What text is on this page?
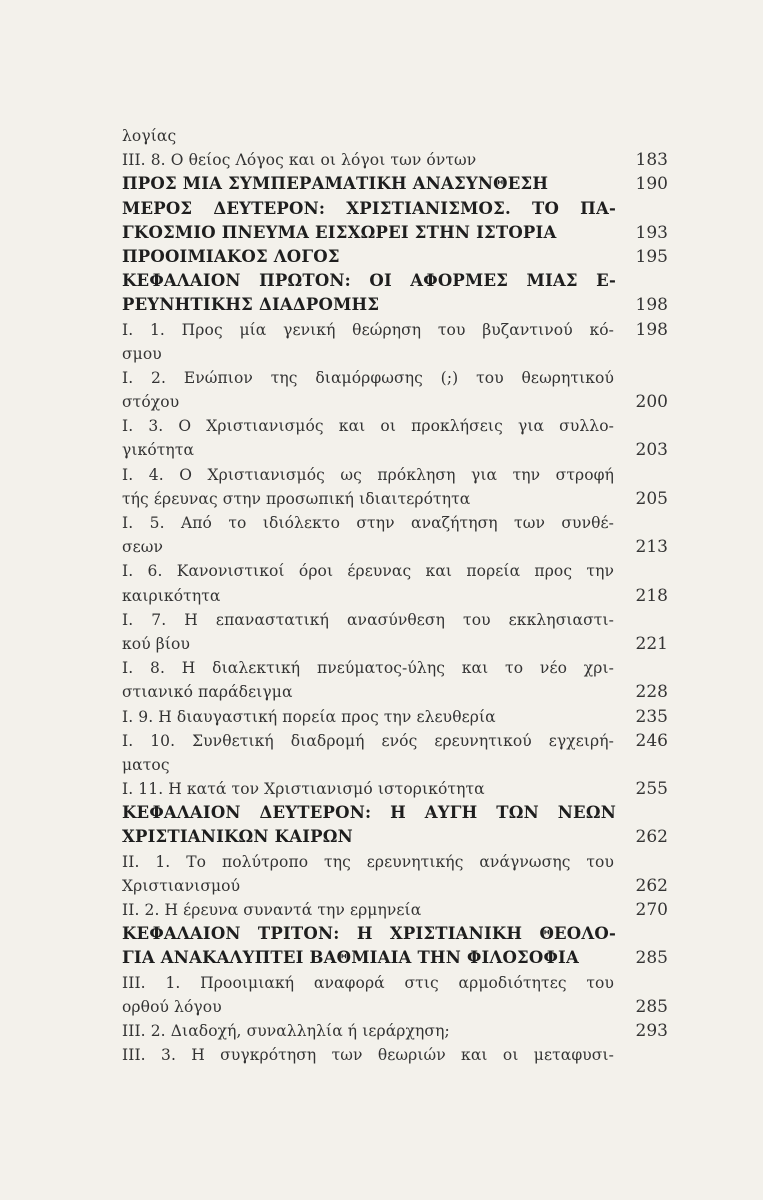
λογίας
ΙΙΙ. 8. Ο θείος Λόγος και οι λόγοι των όντων	183
ΠΡΟΣ ΜΙΑ ΣΥΜΠΕΡΑΜΑΤΙΚΗ ΑΝΑΣΥΝΘΕΣΗ	190
ΜΕΡΟΣ ΔΕΥΤΕΡΟΝ: ΧΡΙΣΤΙΑΝΙΣΜΟΣ. ΤΟ ΠΑ-
ΓΚΟΣΜΙΟ ΠΝΕΥΜΑ ΕΙΣΧΩΡΕΙ ΣΤΗΝ ΙΣΤΟΡΙΑ	193
ΠΡΟΟΙΜΙΑΚΟΣ ΛΟΓΟΣ	195
ΚΕΦΑΛΑΙΟΝ ΠΡΩΤΟΝ: ΟΙ ΑΦΟΡΜΕΣ ΜΙΑΣ Ε-
ΡΕΥΝΗΤΙΚΗΣ ΔΙΑΔΡΟΜΗΣ	198
Ι. 1. Προς μία γενική θεώρηση του βυζαντινού κό-	198
σμου
Ι. 2. Ενώπιον της διαμόρφωσης (;) του θεωρητικού
στόχου	200
Ι. 3. Ο Χριστιανισμός και οι προκλήσεις για συλλο-
γικότητα	203
Ι. 4. Ο Χριστιανισμός ως πρόκληση για την στροφή
τής έρευνας στην προσωπική ιδιαιτερότητα	205
Ι. 5. Από το ιδιόλεκτο στην αναζήτηση των συνθέ-
σεων	213
Ι. 6. Κανονιστικοί όροι έρευνας και πορεία προς την
καιρικότητα	218
Ι. 7. Η επαναστατική ανασύνθεση του εκκλησιαστι-
κού βίου	221
Ι. 8. Η διαλεκτική πνεύματος-ύλης και το νέο χρι-
στιανικό παράδειγμα	228
Ι. 9. Η διαυγαστική πορεία προς την ελευθερία	235
Ι. 10. Συνθετική διαδρομή ενός ερευνητικού εγχειρή-	246
ματος
Ι. 11. Η κατά τον Χριστιανισμό ιστορικότητα	255
ΚΕΦΑΛΑΙΟΝ ΔΕΥΤΕΡΟΝ: Η ΑΥΓΗ ΤΩΝ ΝΕΩΝ
ΧΡΙΣΤΙΑΝΙΚΩΝ ΚΑΙΡΩΝ	262
ΙΙ. 1. Το πολύτροπο της ερευνητικής ανάγνωσης του
Χριστιανισμού	262
ΙΙ. 2. Η έρευνα συναντά την ερμηνεία	270
ΚΕΦΑΛΑΙΟΝ ΤΡΙΤΟΝ: Η ΧΡΙΣΤΙΑΝΙΚΗ ΘΕΟΛΟ-
ΓΙΑ ΑΝΑΚΑΛΥΠΤΕΙ ΒΑΘΜΙΑΙΑ ΤΗΝ ΦΙΛΟΣΟΦΙΑ	285
ΙΙΙ. 1. Προοιμιακή αναφορά στις αρμοδιότητες του
ορθού λόγου	285
ΙΙΙ. 2. Διαδοχή, συναλληλία ή ιεράρχηση;	293
ΙΙΙ. 3. Η συγκρότηση των θεωριών και οι μεταφυσι-
